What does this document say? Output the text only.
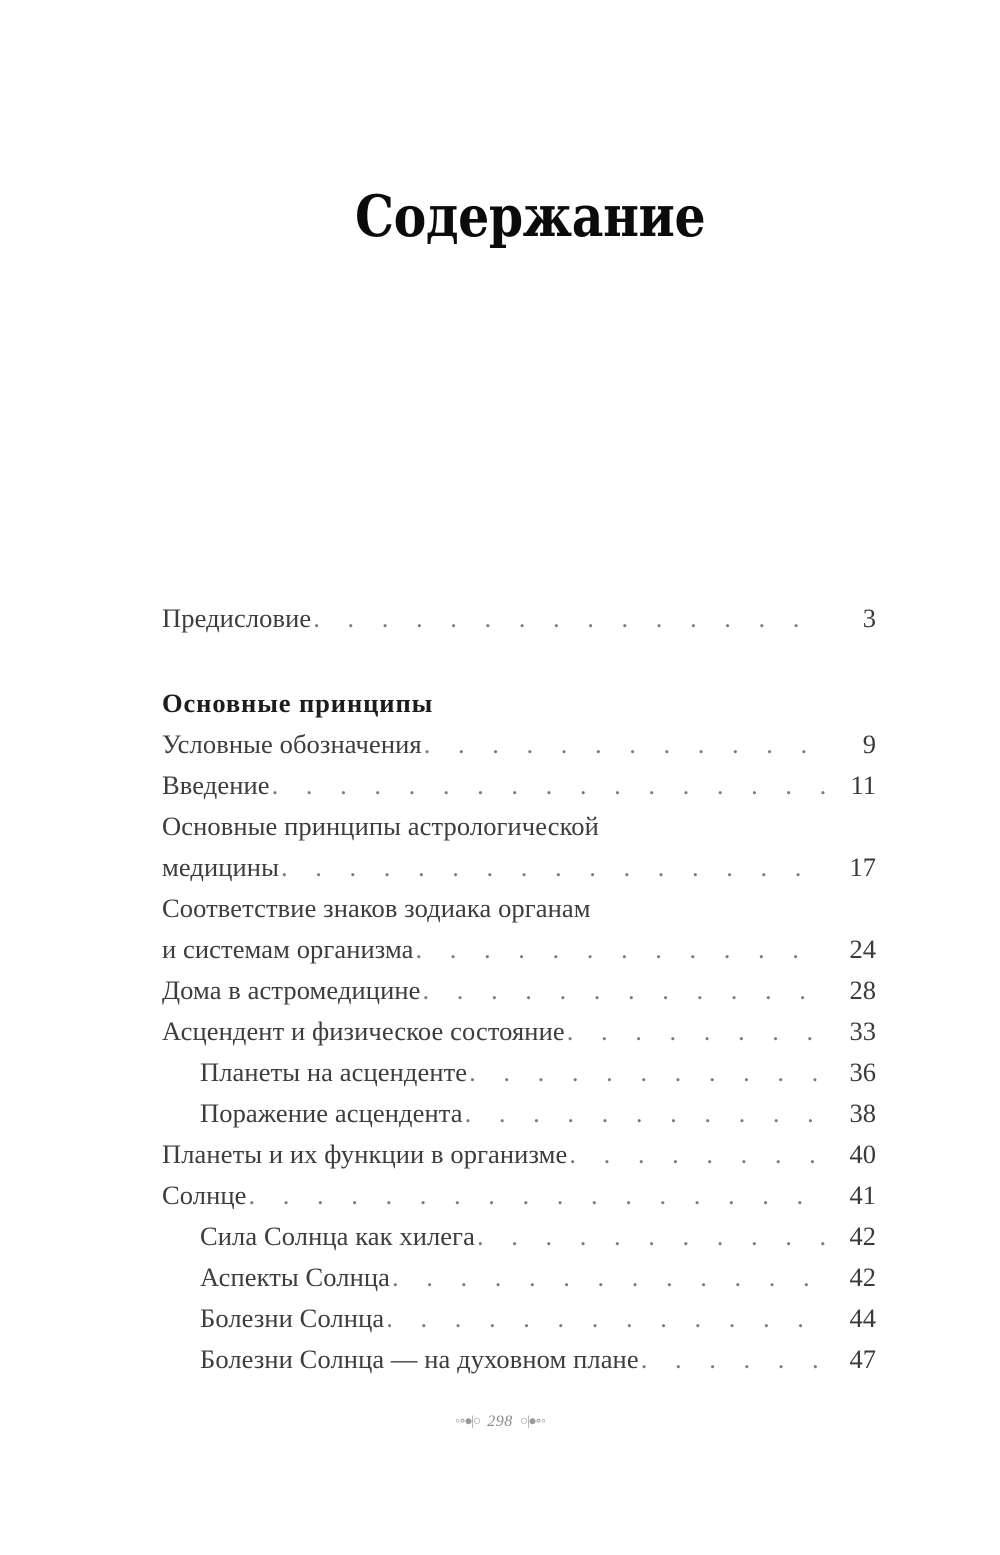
Содержание
Предисловие . . .	3
Основные принципы
Условные обозначения . . .	9
Введение . . .	11
Основные принципы астрологической
медицины . . .	17
Соответствие знаков зодиака органам
и системам организма . . .	24
Дома в астромедицине . . .	28
Асцендент и физическое состояние . . .	33
Планеты на асценденте . . .	36
Поражение асцендента . . .	38
Планеты и их функции в организме . . .	40
Солнце . . .	41
Сила Солнца как хилега . . .	42
Аспекты Солнца . . .	42
Болезни Солнца . . .	44
Болезни Солнца — на духовном плане . . .	47
◦∘⦁|○ 298 ○|⦁∘◦
